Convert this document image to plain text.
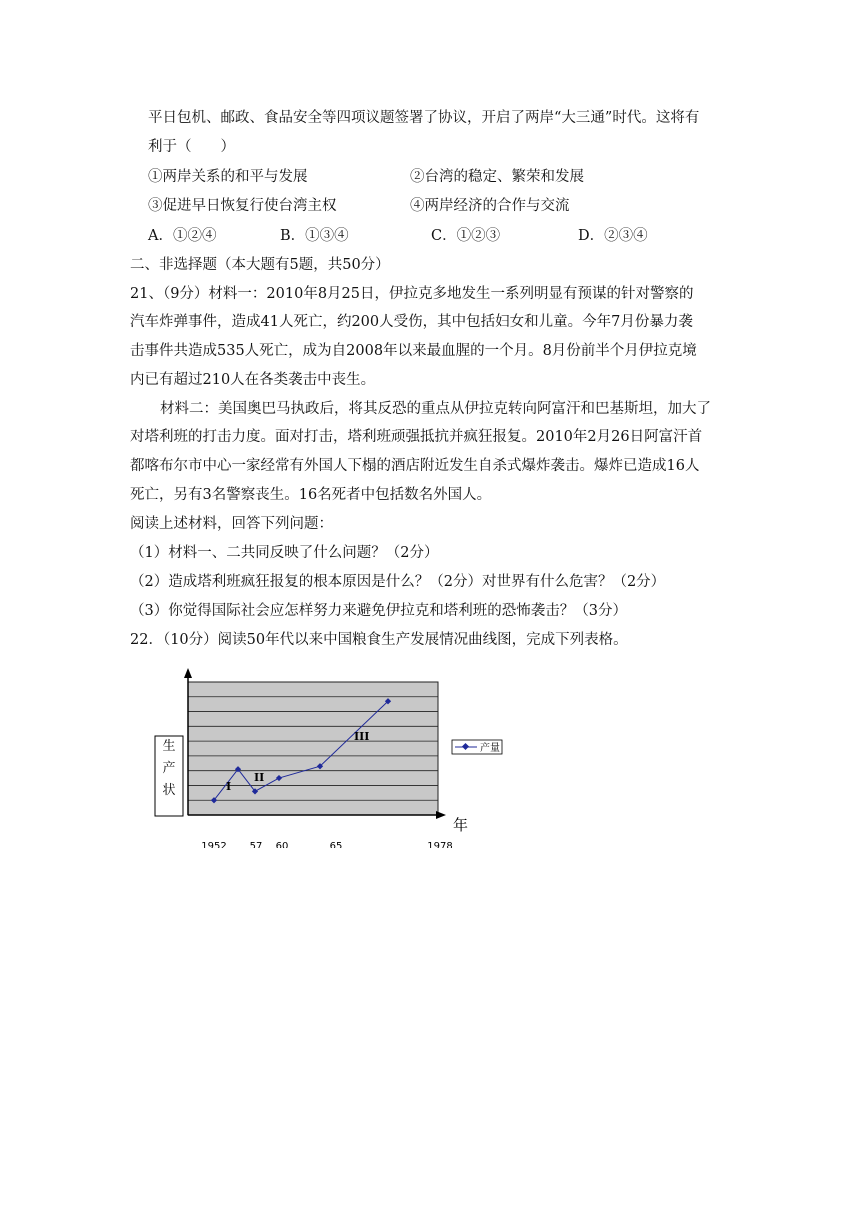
平日包机、邮政、食品安全等四项议题签署了协议，开启了两岸“大三通”时代。这将有
利于（　　）
①两岸关系的和平与发展	②台湾的稳定、繁荣和发展
③促进早日恢复行使台湾主权	④两岸经济的合作与交流
A．①②④	B．①③④	C．①②③	D．②③④
二、非选择题（本大题有5题，共50分）
21、（9分）材料一：2010年8月25日，伊拉克多地发生一系列明显有预谋的针对警察的
汽车炸弹事件，造成41人死亡，约200人受伤，其中包括妇女和儿童。今年7月份暴力袭
击事件共造成535人死亡，成为自2008年以来最血腥的一个月。8月份前半个月伊拉克境
内已有超过210人在各类袭击中丧生。
材料二：美国奥巴马执政后，将其反恐的重点从伊拉克转向阿富汗和巴基斯坦，加大了
对塔利班的打击力度。面对打击，塔利班顽强抵抗并疯狂报复。2010年2月26日阿富汗首
都喀布尔市中心一家经常有外国人下榻的酒店附近发生自杀式爆炸袭击。爆炸已造成16人
死亡，另有3名警察丧生。16名死者中包括数名外国人。
阅读上述材料，回答下列问题：
（1）材料一、二共同反映了什么问题？（2分）
（2）造成塔利班疯狂报复的根本原因是什么？（2分）对世界有什么危害？（2分）
（3）你觉得国际社会应怎样努力来避免伊拉克和塔利班的恐怖袭击？（3分）
22．（10分）阅读50年代以来中国粮食生产发展情况曲线图，完成下列表格。
生产状
年
1952 57 60	65	1978
I
II
III
产量
